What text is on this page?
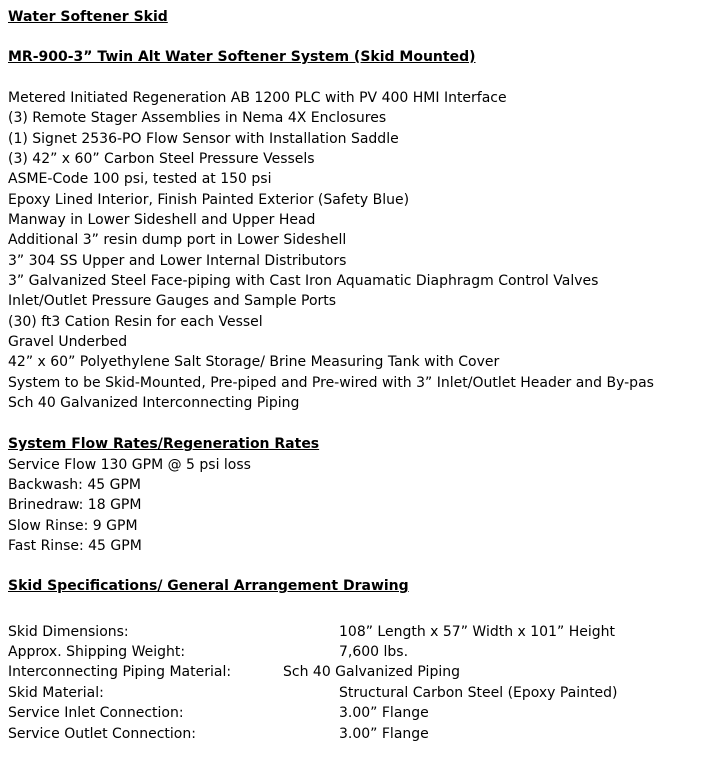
Water Softener Skid
MR-900-3” Twin Alt Water Softener System (Skid Mounted)
Metered Initiated Regeneration AB 1200 PLC with PV 400 HMI Interface
(3) Remote Stager Assemblies in Nema 4X Enclosures
(1) Signet 2536-PO Flow Sensor with Installation Saddle
(3) 42” x 60” Carbon Steel Pressure Vessels
ASME-Code 100 psi, tested at 150 psi
Epoxy Lined Interior, Finish Painted Exterior (Safety Blue)
Manway in Lower Sideshell and Upper Head
Additional 3” resin dump port in Lower Sideshell
3” 304 SS Upper and Lower Internal Distributors
3” Galvanized Steel Face-piping with Cast Iron Aquamatic Diaphragm Control Valves
Inlet/Outlet Pressure Gauges and Sample Ports
(30) ft3 Cation Resin for each Vessel
Gravel Underbed
42” x 60” Polyethylene Salt Storage/ Brine Measuring Tank with Cover
System to be Skid-Mounted, Pre-piped and Pre-wired with 3” Inlet/Outlet Header and By-pas
Sch 40 Galvanized Interconnecting Piping
System Flow Rates/Regeneration Rates
Service Flow 130 GPM @ 5 psi loss
Backwash: 45 GPM
Brinedraw: 18 GPM
Slow Rinse: 9 GPM
Fast Rinse: 45 GPM
Skid Specifications/ General Arrangement Drawing
Skid Dimensions:	108” Length x 57” Width x 101” Height
Approx. Shipping Weight:	7,600 lbs.
Interconnecting Piping Material:	Sch 40 Galvanized Piping
Skid Material:	Structural Carbon Steel (Epoxy Painted)
Service Inlet Connection:	3.00” Flange
Service Outlet Connection:	3.00” Flange
